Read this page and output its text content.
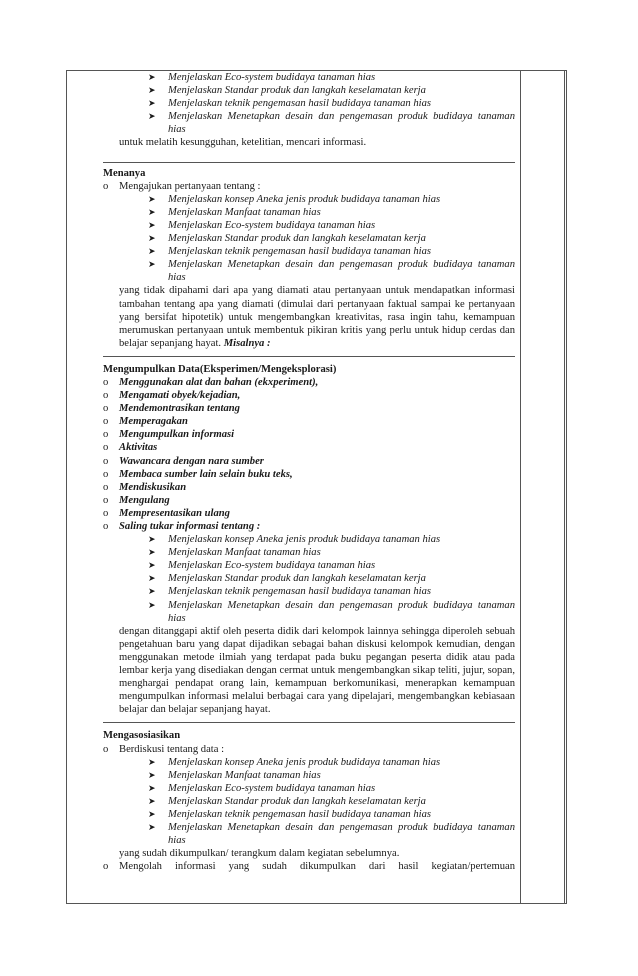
➤	Menjelaskan Eco-system budidaya tanaman hias
➤	Menjelaskan Standar produk dan langkah keselamatan kerja
➤	Menjelaskan teknik pengemasan hasil budidaya tanaman hias
➤	Menjelaskan Menetapkan desain dan pengemasan produk budidaya tanaman hias
untuk melatih kesungguhan, ketelitian, mencari informasi.
Menanya
o	Mengajukan pertanyaan tentang :
➤	Menjelaskan konsep Aneka jenis produk budidaya tanaman hias
➤	Menjelaskan Manfaat tanaman hias
➤	Menjelaskan Eco-system budidaya tanaman hias
➤	Menjelaskan Standar produk dan langkah keselamatan kerja
➤	Menjelaskan teknik pengemasan hasil budidaya tanaman hias
➤	Menjelaskan Menetapkan desain dan pengemasan produk budidaya tanaman hias
yang tidak dipahami dari apa yang diamati atau pertanyaan untuk mendapatkan informasi tambahan tentang apa yang diamati (dimulai dari pertanyaan faktual sampai ke pertanyaan yang bersifat hipotetik) untuk mengembangkan kreativitas, rasa ingin tahu, kemampuan merumuskan pertanyaan untuk membentuk pikiran kritis yang perlu untuk hidup cerdas dan belajar sepanjang hayat. Misalnya :
Mengumpulkan Data(Eksperimen/Mengeksplorasi)
o	Menggunakan alat dan bahan (ekxperiment),
o	Mengamati obyek/kejadian,
o	Mendemontrasikan tentang
o	Memperagakan
o	Mengumpulkan informasi
o	Aktivitas
o	Wawancara dengan nara sumber
o	Membaca sumber lain selain buku teks,
o	Mendiskusikan
o	Mengulang
o	Mempresentasikan ulang
o	Saling tukar informasi tentang :
➤	Menjelaskan konsep Aneka jenis produk budidaya tanaman hias
➤	Menjelaskan Manfaat tanaman hias
➤	Menjelaskan Eco-system budidaya tanaman hias
➤	Menjelaskan Standar produk dan langkah keselamatan kerja
➤	Menjelaskan teknik pengemasan hasil budidaya tanaman hias
➤	Menjelaskan Menetapkan desain dan pengemasan produk budidaya tanaman hias
dengan ditanggapi aktif oleh peserta didik dari kelompok lainnya sehingga diperoleh sebuah pengetahuan baru yang dapat dijadikan sebagai bahan diskusi kelompok kemudian, dengan menggunakan metode ilmiah yang terdapat pada buku pegangan peserta didik atau pada lembar kerja yang disediakan dengan cermat untuk mengembangkan sikap teliti, jujur, sopan, menghargai pendapat orang lain, kemampuan berkomunikasi, menerapkan kemampuan mengumpulkan informasi melalui berbagai cara yang dipelajari, mengembangkan kebiasaan belajar dan belajar sepanjang hayat.
Mengasosiasikan
o	Berdiskusi tentang data :
➤	Menjelaskan konsep Aneka jenis produk budidaya tanaman hias
➤	Menjelaskan Manfaat tanaman hias
➤	Menjelaskan Eco-system budidaya tanaman hias
➤	Menjelaskan Standar produk dan langkah keselamatan kerja
➤	Menjelaskan teknik pengemasan hasil budidaya tanaman hias
➤	Menjelaskan Menetapkan desain dan pengemasan produk budidaya tanaman hias
yang sudah dikumpulkan/ terangkum dalam kegiatan sebelumnya.
o	Mengolah informasi yang sudah dikumpulkan dari hasil kegiatan/pertemuan
